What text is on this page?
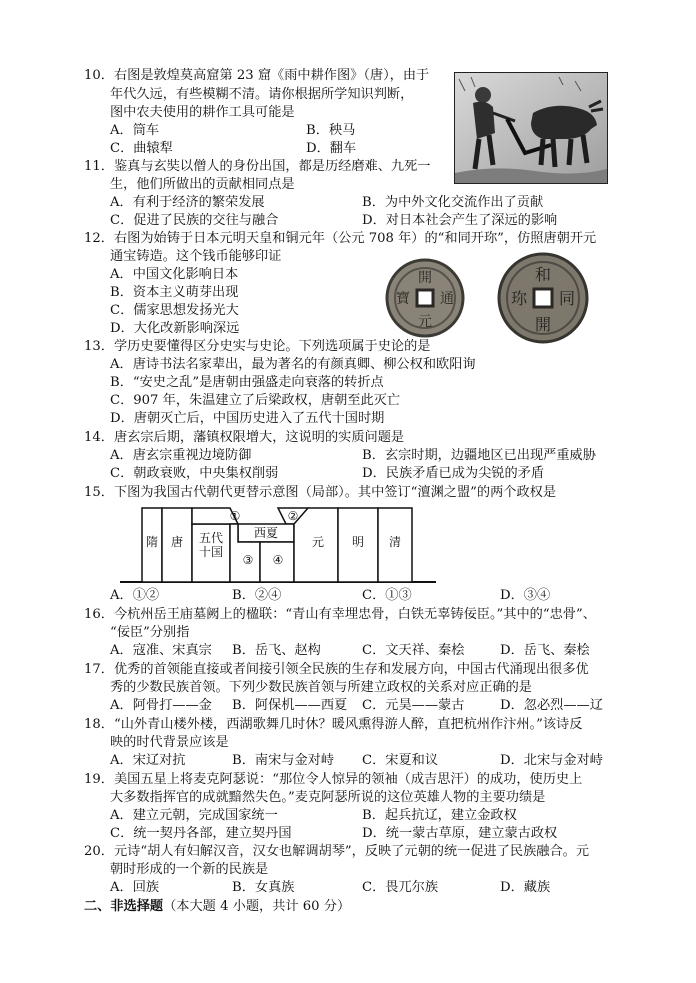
10．右图是敦煌莫高窟第 23 窟《雨中耕作图》（唐），由于
年代久远，有些模糊不清。请你根据所学知识判断，
图中农夫使用的耕作工具可能是
A．筒车	B．秧马
C．曲辕犁	D．翻车
11．鉴真与玄奘以僧人的身份出国，都是历经磨难、九死一
生，他们所做出的贡献相同点是
A．有利于经济的繁荣发展	B．为中外文化交流作出了贡献
C．促进了民族的交往与融合	D．对日本社会产生了深远的影响
12．右图为始铸于日本元明天皇和铜元年（公元 708 年）的“和同开珎”，仿照唐朝开元
通宝铸造。这个钱币能够印证
A．中国文化影响日本
B．资本主义萌芽出现
C．儒家思想发扬光大
D．大化改新影响深远
開
寶 通
元
和
同
開
珎
13．学历史要懂得区分史实与史论。下列选项属于史论的是
A．唐诗书法名家辈出，最为著名的有颜真卿、柳公权和欧阳询
B．“安史之乱”是唐朝由强盛走向衰落的转折点
C．907 年，朱温建立了后梁政权，唐朝至此灭亡
D．唐朝灭亡后，中国历史进入了五代十国时期
14．唐玄宗后期，藩镇权限增大，这说明的实质问题是
A．唐玄宗重视边境防御	B．玄宗时期，边疆地区已出现严重威胁
C．朝政衰败，中央集权削弱	D．民族矛盾已成为尖锐的矛盾
15．下图为我国古代朝代更替示意图（局部）。其中签订“澶渊之盟”的两个政权是
隋 唐 五代
十国
西夏
元 明 清
①	②
③ ④
A．①②	B．②④	C．①③	D．③④
16．今杭州岳王庙墓阙上的楹联：“青山有幸埋忠骨，白铁无辜铸佞臣。”其中的“忠骨”、
“佞臣”分别指
A．寇准、宋真宗 B．岳飞、赵构	C．文天祥、秦桧	D．岳飞、秦桧
17．优秀的首领能直接或者间接引领全民族的生存和发展方向，中国古代涌现出很多优
秀的少数民族首领。下列少数民族首领与所建立政权的关系对应正确的是
A．阿骨打——金 B．阿保机——西夏 C．元昊——蒙古	D．忽必烈——辽
18．“山外青山楼外楼，西湖歌舞几时休？暖风熏得游人醉，直把杭州作汴州。”该诗反
映的时代背景应该是
A．宋辽对抗	B．南宋与金对峙 C．宋夏和议	D．北宋与金对峙
19．美国五星上将麦克阿瑟说：“那位令人惊异的领袖（成吉思汗）的成功，使历史上
大多数指挥官的成就黯然失色。”麦克阿瑟所说的这位英雄人物的主要功绩是
A．建立元朝，完成国家统一	B．起兵抗辽，建立金政权
C．统一契丹各部，建立契丹国	D．统一蒙古草原，建立蒙古政权
20．元诗“胡人有妇解汉音，汉女也解调胡琴”，反映了元朝的统一促进了民族融合。元
朝时形成的一个新的民族是
A．回族	B．女真族	C．畏兀尔族	D．藏族
二、非选择题（本大题 4 小题，共计 60 分）
